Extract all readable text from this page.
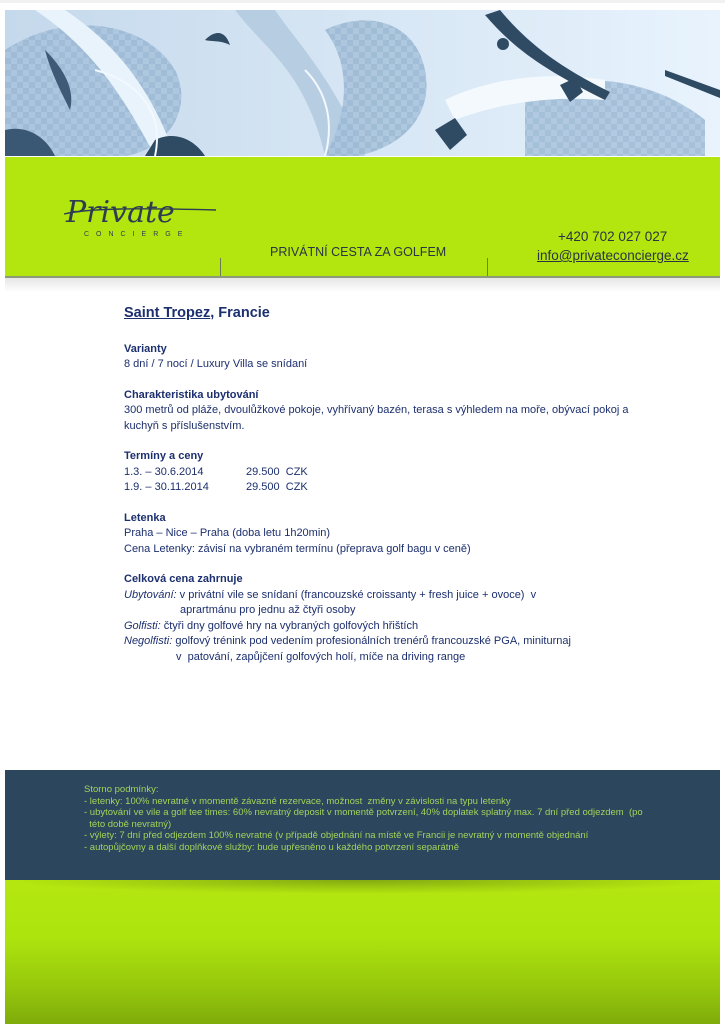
Private
CONCIERGE
PRIVÁTNÍ CESTA ZA GOLFEM
+420 702 027 027
info@privateconcierge.cz
Saint Tropez, Francie
Varianty
8 dní / 7 nocí / Luxury Villa se snídaní
Charakteristika ubytování
300 metrů od pláže, dvoulůžkové pokoje, vyhřívaný bazén, terasa s výhledem na moře, obývací pokoj a kuchyň s příslušenstvím.
Termíny a ceny
1.3. – 30.6.2014	29.500  CZK
1.9. – 30.11.2014	29.500  CZK
Letenka
Praha – Nice – Praha (doba letu 1h20min)
Cena Letenky: závisí na vybraném termínu (přeprava golf bagu v ceně)
Celková cena zahrnuje
Ubytování: v privátní vile se snídaní (francouzské croissanty + fresh juice + ovoce)  v
aprartmánu pro jednu až čtyři osoby
Golfisti: čtyři dny golfové hry na vybraných golfových hřištích
Negolfisti: golfový trénink pod vedením profesionálních trenérů francouzské PGA, miniturnaj
v  patování, zapůjčení golfových holí, míče na driving range
Storno podmínky:
- letenky: 100% nevratné v momentě závazné rezervace, možnost  změny v závislosti na typu letenky
- ubytování ve vile a golf tee times: 60% nevratný deposit v momentě potvrzení, 40% doplatek splatný max. 7 dní před odjezdem  (po
této době nevratný)
- výlety: 7 dní před odjezdem 100% nevratné (v případě objednání na místě ve Francii je nevratný v momentě objednání
- autopůjčovny a další doplňkové služby: bude upřesněno u každého potvrzení separátně
